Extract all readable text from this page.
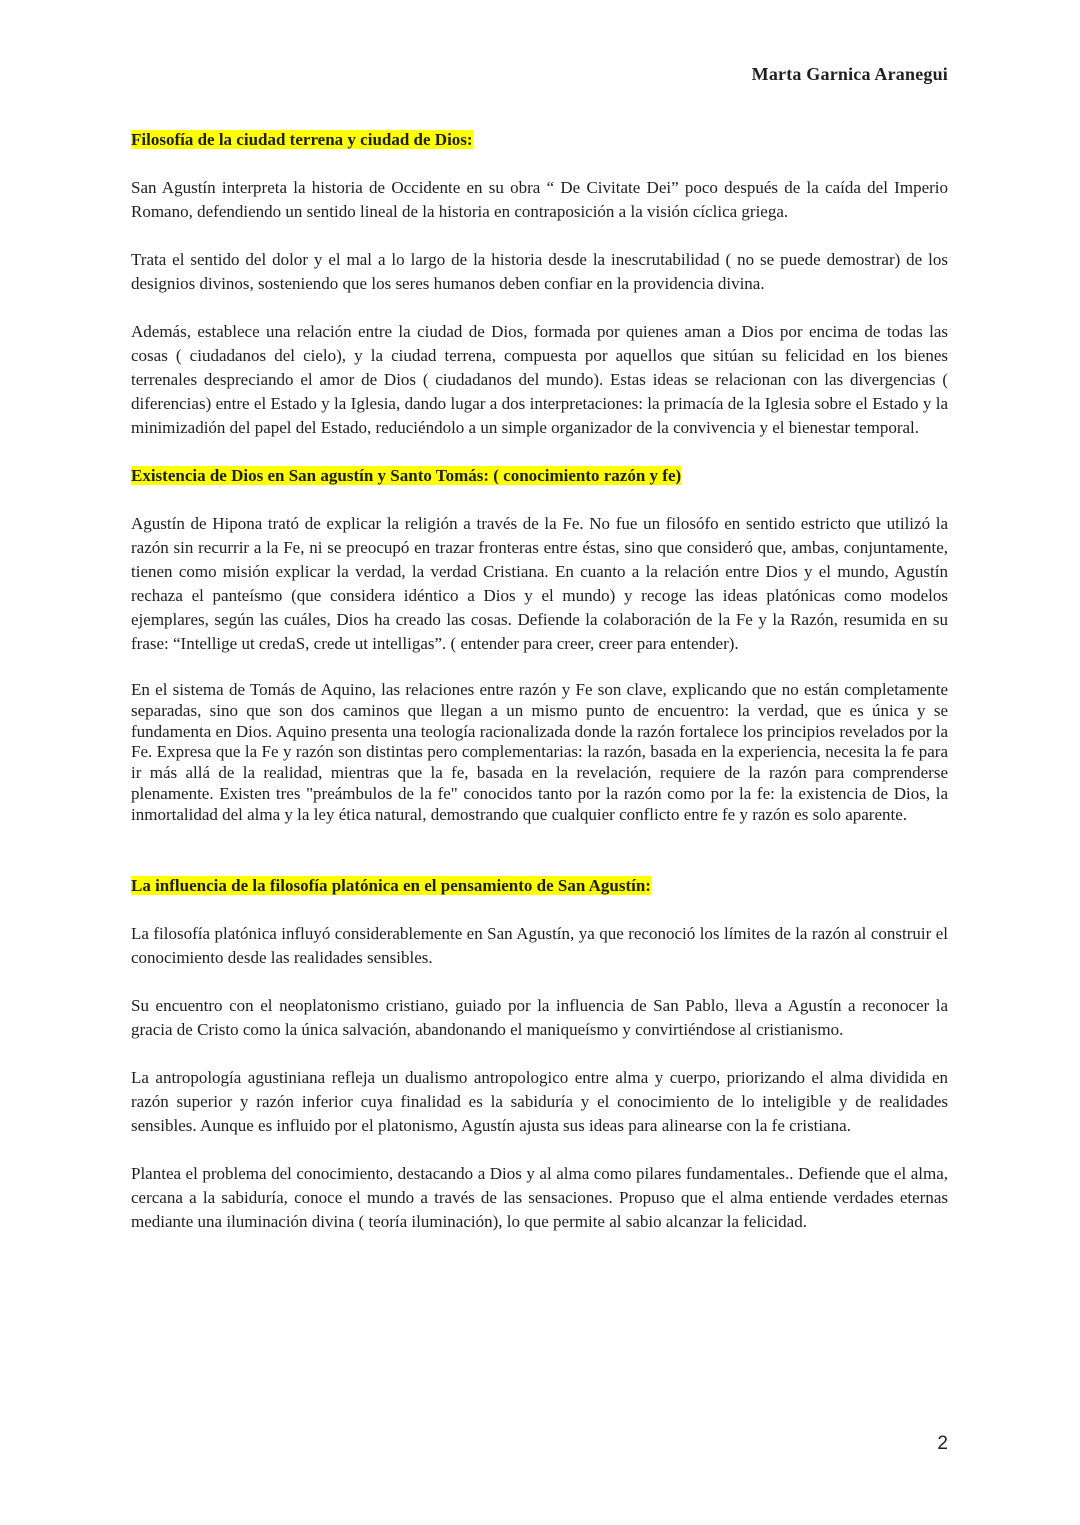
Marta Garnica Aranegui
Filosofía de la ciudad terrena y ciudad de Dios:

San Agustín interpreta la historia de Occidente en su obra “ De Civitate Dei” poco después de la caída del Imperio Romano, defendiendo un sentido lineal de la historia en contraposición a la visión cíclica griega.

Trata el sentido del dolor y el mal a lo largo de la historia desde la inescrutabilidad ( no se puede demostrar) de los designios divinos, sosteniendo que los seres humanos deben confiar en la providencia divina.

Además, establece una relación entre la ciudad de Dios, formada por quienes aman a Dios por encima de todas las cosas ( ciudadanos del cielo), y la ciudad terrena, compuesta por aquellos que sitúan su felicidad en los bienes terrenales despreciando el amor de Dios ( ciudadanos del mundo). Estas ideas se relacionan con las divergencias ( diferencias) entre el Estado y la Iglesia, dando lugar a dos interpretaciones: la primacía de la Iglesia sobre el Estado y la minimizadión del papel del Estado, reduciéndolo a un simple organizador de la convivencia y el bienestar temporal.

Existencia de Dios en San agustín y Santo Tomás: ( conocimiento razón y fe)

Agustín de Hipona trató de explicar la religión a través de la Fe. No fue un filosófo en sentido estricto que utilizó la razón sin recurrir a la Fe, ni se preocupó en trazar fronteras entre éstas, sino que consideró que, ambas, conjuntamente, tienen como misión explicar la verdad, la verdad Cristiana. En cuanto a la relación entre Dios y el mundo, Agustín rechaza el panteísmo (que considera idéntico a Dios y el mundo) y recoge las ideas platónicas como modelos ejemplares, según las cuáles, Dios ha creado las cosas. Defiende la colaboración de la Fe y la Razón, resumida en su frase: “Intellige ut credaS, crede ut intelligas”. ( entender para creer, creer para entender).

En el sistema de Tomás de Aquino, las relaciones entre razón y Fe son clave, explicando que no están completamente separadas, sino que son dos caminos que llegan a un mismo punto de encuentro: la verdad, que es única y se fundamenta en Dios. Aquino presenta una teología racionalizada donde la razón fortalece los principios revelados por la Fe. Expresa que la Fe y razón son distintas pero complementarias: la razón, basada en la experiencia, necesita la fe para ir más allá de la realidad, mientras que la fe, basada en la revelación, requiere de la razón para comprenderse plenamente. Existen tres "preámbulos de la fe" conocidos tanto por la razón como por la fe: la existencia de Dios, la inmortalidad del alma y la ley ética natural, demostrando que cualquier conflicto entre fe y razón es solo aparente.

La influencia de la filosofía platónica en el pensamiento de San Agustín:

La filosofía platónica influyó considerablemente en San Agustín, ya que reconoció los límites de la razón al construir el conocimiento desde las realidades sensibles.

Su encuentro con el neoplatonismo cristiano, guiado por la influencia de San Pablo, lleva a Agustín a reconocer la gracia de Cristo como la única salvación, abandonando el maniqueísmo y convirtiéndose al cristianismo.

La antropología agustiniana refleja un dualismo antropologico entre alma y cuerpo, priorizando el alma dividida en razón superior y razón inferior cuya finalidad es la sabiduría y el conocimiento de lo inteligible y de realidades sensibles. Aunque es influido por el platonismo, Agustín ajusta sus ideas para alinearse con la fe cristiana.

Plantea el problema del conocimiento, destacando a Dios y al alma como pilares fundamentales.. Defiende que el alma, cercana a la sabiduría, conoce el mundo a través de las sensaciones. Propuso que el alma entiende verdades eternas mediante una iluminación divina ( teoría iluminación), lo que permite al sabio alcanzar la felicidad.

2
